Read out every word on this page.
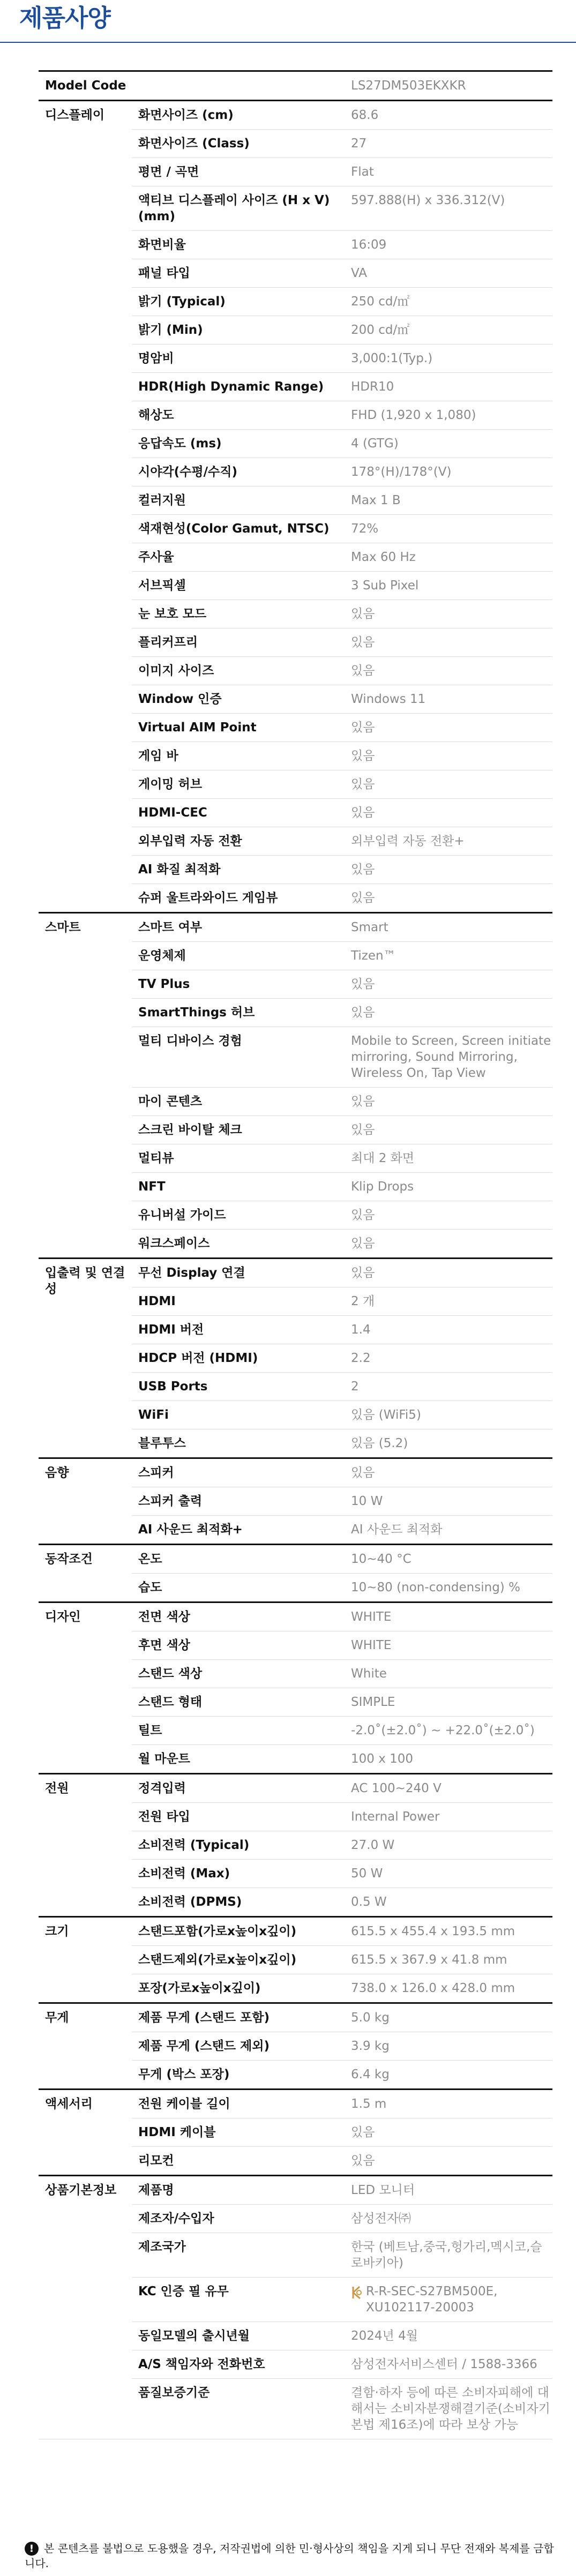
제품사양
Model Code		LS27DM503EKXKR
디스플레이	화면사이즈 (cm)	68.6
	화면사이즈 (Class)	27
	평면 / 곡면	Flat
	액티브 디스플레이 사이즈 (H x V) (mm)	597.888(H) x 336.312(V)
	화면비율	16:09
	패널 타입	VA
	밝기 (Typical)	250 cd/㎡
	밝기 (Min)	200 cd/㎡
	명암비	3,000:1(Typ.)
	HDR(High Dynamic Range)	HDR10
	해상도	FHD (1,920 x 1,080)
	응답속도 (ms)	4 (GTG)
	시야각(수평/수직)	178°(H)/178°(V)
	컬러지원	Max 1 B
	색재현성(Color Gamut, NTSC)	72%
	주사율	Max 60 Hz
	서브픽셀	3 Sub Pixel
	눈 보호 모드	있음
	플리커프리	있음
	이미지 사이즈	있음
	Window 인증	Windows 11
	Virtual AIM Point	있음
	게임 바	있음
	게이밍 허브	있음
	HDMI-CEC	있음
	외부입력 자동 전환	외부입력 자동 전환+
	AI 화질 최적화	있음
	슈퍼 울트라와이드 게임뷰	있음
스마트	스마트 여부	Smart
	운영체제	Tizen™
	TV Plus	있음
	SmartThings 허브	있음
	멀티 디바이스 경험	Mobile to Screen, Screen initiate mirroring, Sound Mirroring, Wireless On, Tap View
	마이 콘텐츠	있음
	스크린 바이탈 체크	있음
	멀티뷰	최대 2 화면
	NFT	Klip Drops
	유니버설 가이드	있음
	워크스페이스	있음
입출력 및 연결성	무선 Display 연결	있음
	HDMI	2 개
	HDMI 버전	1.4
	HDCP 버전 (HDMI)	2.2
	USB Ports	2
	WiFi	있음 (WiFi5)
	블루투스	있음 (5.2)
음향	스피커	있음
	스피커 출력	10 W
	AI 사운드 최적화+	AI 사운드 최적화
동작조건	온도	10~40 °C
	습도	10~80 (non-condensing) %
디자인	전면 색상	WHITE
	후면 색상	WHITE
	스탠드 색상	White
	스탠드 형태	SIMPLE
	틸트	-2.0˚(±2.0˚) ~ +22.0˚(±2.0˚)
	월 마운트	100 x 100
전원	정격입력	AC 100~240 V
	전원 타입	Internal Power
	소비전력 (Typical)	27.0 W
	소비전력 (Max)	50 W
	소비전력 (DPMS)	0.5 W
크기	스탠드포함(가로x높이x깊이)	615.5 x 455.4 x 193.5 mm
	스탠드제외(가로x높이x깊이)	615.5 x 367.9 x 41.8 mm
	포장(가로x높이x깊이)	738.0 x 126.0 x 428.0 mm
무게	제품 무게 (스탠드 포함)	5.0 kg
	제품 무게 (스탠드 제외)	3.9 kg
	무게 (박스 포장)	6.4 kg
액세서리	전원 케이블 길이	1.5 m
	HDMI 케이블	있음
	리모컨	있음
상품기본정보	제품명	LED 모니터
	제조자/수입자	삼성전자㈜
	제조국가	한국 (베트남,중국,헝가리,멕시코,슬로바키아)
	KC 인증 필 유무	R-R-SEC-S27BM500E, XU102117-20003
	동일모델의 출시년월	2024년 4월
	A/S 책임자와 전화번호	삼성전자서비스센터 / 1588-3366
	품질보증기준	결함·하자 등에 따른 소비자피해에 대해서는 소비자분쟁해결기준(소비자기본법 제16조)에 따라 보상 가능
! 본 콘텐츠를 불법으로 도용했을 경우, 저작권법에 의한 민·형사상의 책임을 지게 되니 무단 전재와 복제를 금합니다.
